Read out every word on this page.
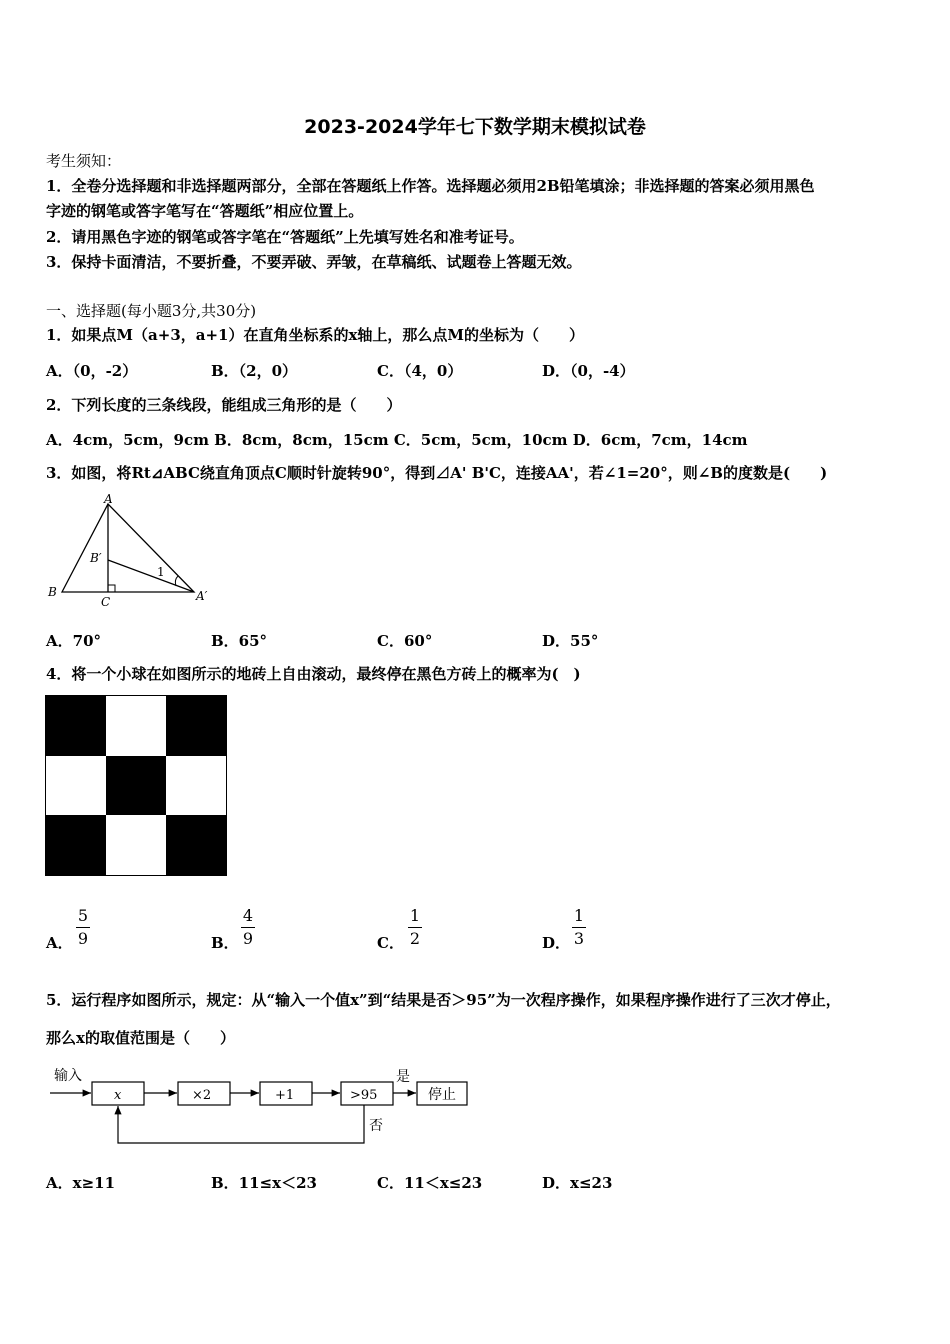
2023-2024学年七下数学期末模拟试卷
考生须知：
1．全卷分选择题和非选择题两部分，全部在答题纸上作答。选择题必须用2B铅笔填涂；非选择题的答案必须用黑色
字迹的钢笔或答字笔写在“答题纸”相应位置上。
2．请用黑色字迹的钢笔或答字笔在“答题纸”上先填写姓名和准考证号。
3．保持卡面清洁，不要折叠，不要弄破、弄皱，在草稿纸、试题卷上答题无效。
一、选择题(每小题3分,共30分)
1．如果点M（a+3，a+1）在直角坐标系的x轴上，那么点M的坐标为（　　）
A．（0，-2）	B．（2，0）	C．（4，0）	D．（0，-4）
2．下列长度的三条线段，能组成三角形的是（　　）
A．4cm，5cm，9cm B．8cm，8cm，15cm C．5cm，5cm，10cm D．6cm，7cm，14cm
3．如图，将Rt⊿ABC绕直角顶点C顺时针旋转90°，得到⊿A' B'C，连接AA'，若∠1=20°，则∠B的度数是(　　)
A
B
C
B′
A′
1
A．70°	B．65°	C．60°	D．55°
4．将一个小球在如图所示的地砖上自由滚动，最终停在黑色方砖上的概率为(　)
A．
5
9	B．
4
9	C．
1
2	D．
1
3
5．运行程序如图所示，规定：从“输入一个值x”到“结果是否＞95”为一次程序操作，如果程序操作进行了三次才停止，
那么x的取值范围是（　　）
输入
x	×2	+1	>95
是
停止
否
A．x≥11	B．11≤x＜23	C．11＜x≤23	D．x≤23
